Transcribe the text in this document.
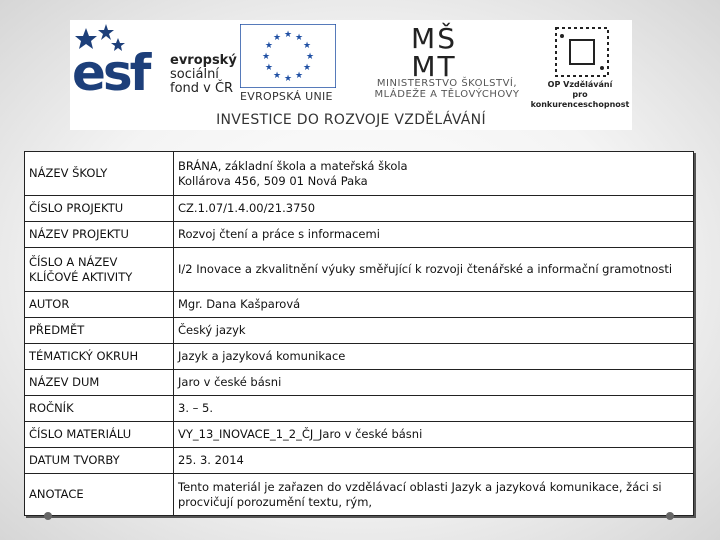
esf	evropský
sociální
fond v ČR
★ ★
★
★
★
★
★
★
★
★
★
★
EVROPSKÁ UNIE
MŠ
MT
MINISTERSTVO ŠKOLSTVÍ,
MLÁDEŽE A TĚLOVÝCHOVY
OP Vzdělávání
pro konkurenceschopnost
INVESTICE DO ROZVOJE VZDĚLÁVÁNÍ
NÁZEV ŠKOLY	BRÁNA, základní škola a mateřská škola
Kollárova 456, 509 01 Nová Paka

ČÍSLO PROJEKTU	CZ.1.07/1.4.00/21.3750

NÁZEV PROJEKTU	Rozvoj čtení a práce s informacemi

ČÍSLO A NÁZEV
KLÍČOVÉ AKTIVITY	I/2 Inovace a zkvalitnění výuky směřující k rozvoji čtenářské a informační gramotnosti

AUTOR	Mgr. Dana Kašparová

PŘEDMĚT	Český jazyk

TÉMATICKÝ OKRUH	Jazyk a jazyková komunikace

NÁZEV DUM	Jaro v české básni

ROČNÍK	3. – 5.

ČÍSLO MATERIÁLU	VY_13_INOVACE_1_2_ČJ_Jaro v české básni

DATUM TVORBY	25. 3. 2014

ANOTACE	Tento materiál je zařazen do vzdělávací oblasti Jazyk a jazyková komunikace, žáci si
procvičují porozumění textu, rým,
